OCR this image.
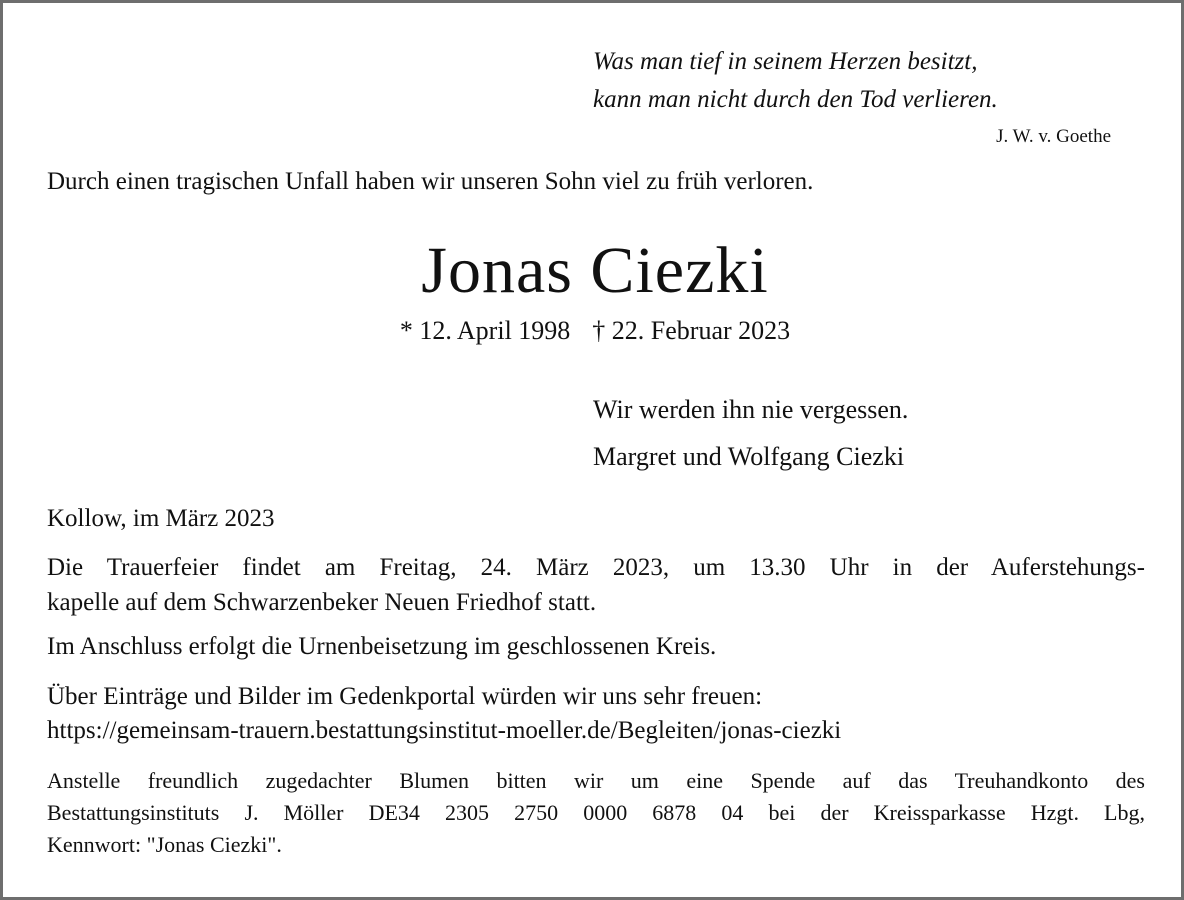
Was man tief in seinem Herzen besitzt,
kann man nicht durch den Tod verlieren.
J. W. v. Goethe
Durch einen tragischen Unfall haben wir unseren Sohn viel zu früh verloren.
Jonas Ciezki
* 12. April 1998 † 22. Februar 2023
Wir werden ihn nie vergessen.
Margret und Wolfgang Ciezki
Kollow, im März 2023
Die Trauerfeier findet am Freitag, 24. März 2023, um 13.30 Uhr in der Auferstehungs-
kapelle auf dem Schwarzenbeker Neuen Friedhof statt.
Im Anschluss erfolgt die Urnenbeisetzung im geschlossenen Kreis.
Über Einträge und Bilder im Gedenkportal würden wir uns sehr freuen:
https://gemeinsam-trauern.bestattungsinstitut-moeller.de/Begleiten/jonas-ciezki
Anstelle freundlich zugedachter Blumen bitten wir um eine Spende auf das Treuhandkonto des
Bestattungsinstituts J. Möller DE34 2305 2750 0000 6878 04 bei der Kreissparkasse Hzgt. Lbg,
Kennwort: "Jonas Ciezki".
